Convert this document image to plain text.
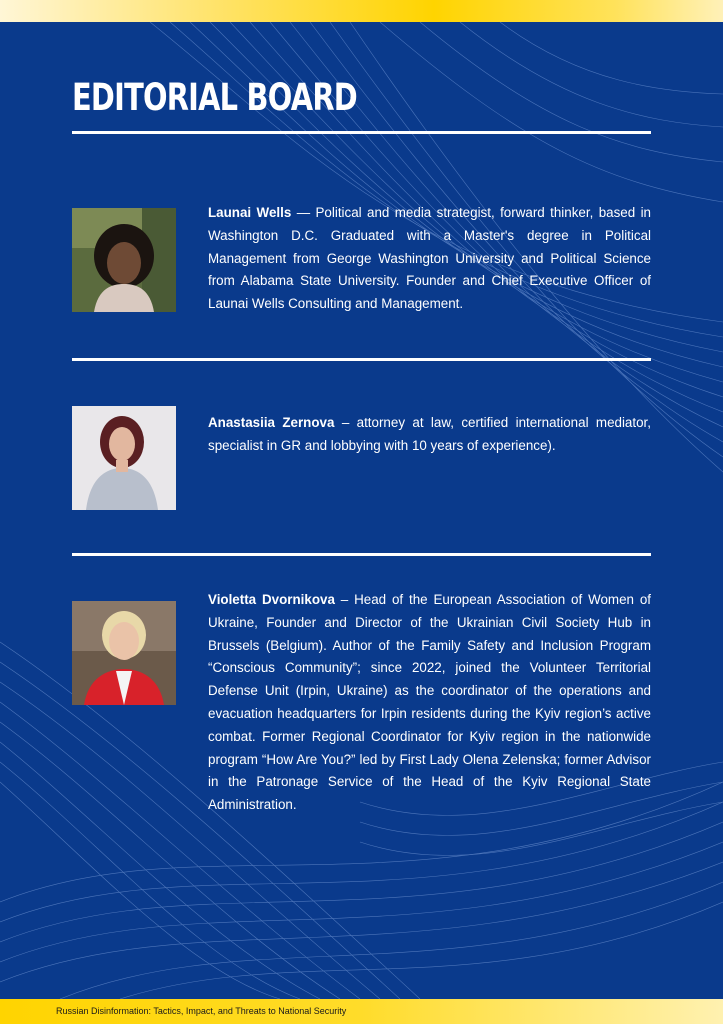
EDITORIAL BOARD

Launai Wells — Political and media strategist, forward thinker, based in Washington D.C. Graduated with a Master's degree in Political Management from George Washington University and Political Science from Alabama State University. Founder and Chief Executive Officer of Launai Wells Consulting and Management.

Anastasiia Zernova – attorney at law, certified international mediator, specialist in GR and lobbying with 10 years of experience).

Violetta Dvornikova – Head of the European Association of Women of Ukraine, Founder and Director of the Ukrainian Civil Society Hub in Brussels (Belgium). Author of the Family Safety and Inclusion Program “Conscious Community”; since 2022, joined the Volunteer Territorial Defense Unit (Irpin, Ukraine) as the coordinator of the operations and evacuation headquarters for Irpin residents during the Kyiv region’s active combat. Former Regional Coordinator for Kyiv region in the nationwide program “How Are You?” led by First Lady Olena Zelenska; former Advisor in the Patronage Service of the Head of the Kyiv Regional State Administration.

Russian Disinformation: Tactics, Impact, and Threats to National Security
